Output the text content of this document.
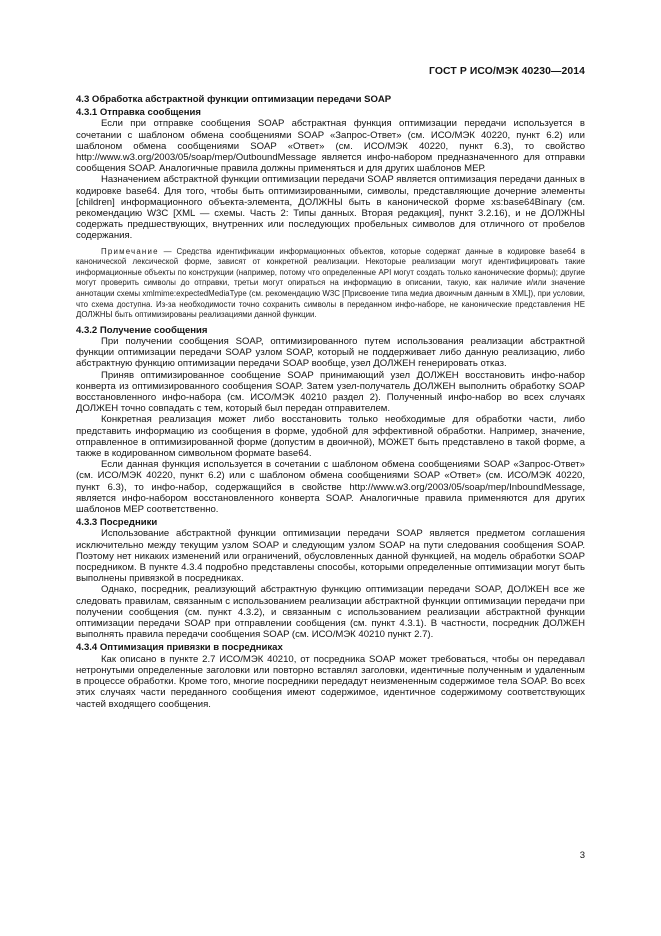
ГОСТ Р ИСО/МЭК 40230—2014

4.3 Обработка абстрактной функции оптимизации передачи SOAP

4.3.1 Отправка сообщения

Если при отправке сообщения SOAP абстрактная функция оптимизации передачи используется в сочетании с шаблоном обмена сообщениями SOAP «Запрос-Ответ» (см. ИСО/МЭК 40220, пункт 6.2) или шаблоном обмена сообщениями SOAP «Ответ» (см. ИСО/МЭК 40220, пункт 6.3), то свойство http://www.w3.org/2003/05/soap/mep/OutboundMessage является инфо-набором предназначенного для отправки сообщения SOAP. Аналогичные правила должны применяться и для других шаблонов МЕР.

Назначением абстрактной функции оптимизации передачи SOAP является оптимизация передачи данных в кодировке base64. Для того, чтобы быть оптимизированными, символы, представляющие дочерние элементы [children] информационного объекта-элемента, ДОЛЖНЫ быть в канонической форме xs:base64Binary (см. рекомендацию W3C [XML — схемы. Часть 2: Типы данных. Вторая редакция], пункт 3.2.16), и не ДОЛЖНЫ содержать предшествующих, внутренних или последующих пробельных символов для отличного от пробелов содержания.

Примечание — Средства идентификации информационных объектов, которые содержат данные в кодировке base64 в канонической лексической форме, зависят от конкретной реализации. Некоторые реализации могут идентифицировать такие информационные объекты по конструкции (например, потому что определенные API могут создать только канонические формы); другие могут проверить символы до отправки, третьи могут опираться на информацию в описании, такую, как наличие и/или значение аннотации схемы xmlmime:expectedMediaType (см. рекомендацию W3C [Присвоение типа медиа двоичным данным в XML]), при условии, что схема доступна. Из-за необходимости точно сохранить символы в переданном инфо-наборе, не канонические представления НЕ ДОЛЖНЫ быть оптимизированы реализациями данной функции.

4.3.2 Получение сообщения

При получении сообщения SOAP, оптимизированного путем использования реализации абстрактной функции оптимизации передачи SOAP узлом SOAP, который не поддерживает либо данную реализацию, либо абстрактную функцию оптимизации передачи SOAP вообще, узел ДОЛЖЕН генерировать отказ.

Приняв оптимизированное сообщение SOAP принимающий узел ДОЛЖЕН восстановить инфо-набор конверта из оптимизированного сообщения SOAP. Затем узел-получатель ДОЛЖЕН выполнить обработку SOAP восстановленного инфо-набора (см. ИСО/МЭК 40210 раздел 2). Полученный инфо-набор во всех случаях ДОЛЖЕН точно совпадать с тем, который был передан отправителем.

Конкретная реализация может либо восстановить только необходимые для обработки части, либо представить информацию из сообщения в форме, удобной для эффективной обработки. Например, значение, отправленное в оптимизированной форме (допустим в двоичной), МОЖЕТ быть представлено в такой форме, а также в кодированном символьном формате base64.

Если данная функция используется в сочетании с шаблоном обмена сообщениями SOAP «Запрос-Ответ» (см. ИСО/МЭК 40220, пункт 6.2) или с шаблоном обмена сообщениями SOAP «Ответ» (см. ИСО/МЭК 40220, пункт 6.3), то инфо-набор, содержащийся в свойстве http://www.w3.org/2003/05/soap/mep/InboundMessage, является инфо-набором восстановленного конверта SOAP. Аналогичные правила применяются для других шаблонов МЕР соответственно.

4.3.3 Посредники

Использование абстрактной функции оптимизации передачи SOAP является предметом соглашения исключительно между текущим узлом SOAP и следующим узлом SOAP на пути следования сообщения SOAP. Поэтому нет никаких изменений или ограничений, обусловленных данной функцией, на модель обработки SOAP посредником. В пункте 4.3.4 подробно представлены способы, которыми определенные оптимизации могут быть выполнены привязкой в посредниках.

Однако, посредник, реализующий абстрактную функцию оптимизации передачи SOAP, ДОЛЖЕН все же следовать правилам, связанным с использованием реализации абстрактной функции оптимизации передачи при получении сообщения (см. пункт 4.3.2), и связанным с использованием реализации абстрактной функции оптимизации передачи SOAP при отправлении сообщения (см. пункт 4.3.1). В частности, посредник ДОЛЖЕН выполнять правила передачи сообщения SOAP (см. ИСО/МЭК 40210 пункт 2.7).

4.3.4 Оптимизация привязки в посредниках

Как описано в пункте 2.7 ИСО/МЭК 40210, от посредника SOAP может требоваться, чтобы он передавал нетронутыми определенные заголовки или повторно вставлял заголовки, идентичные полученным и удаленным в процессе обработки. Кроме того, многие посредники передадут неизмененным содержимое тела SOAP. Во всех этих случаях части переданного сообщения имеют содержимое, идентичное содержимому соответствующих частей входящего сообщения.

3
